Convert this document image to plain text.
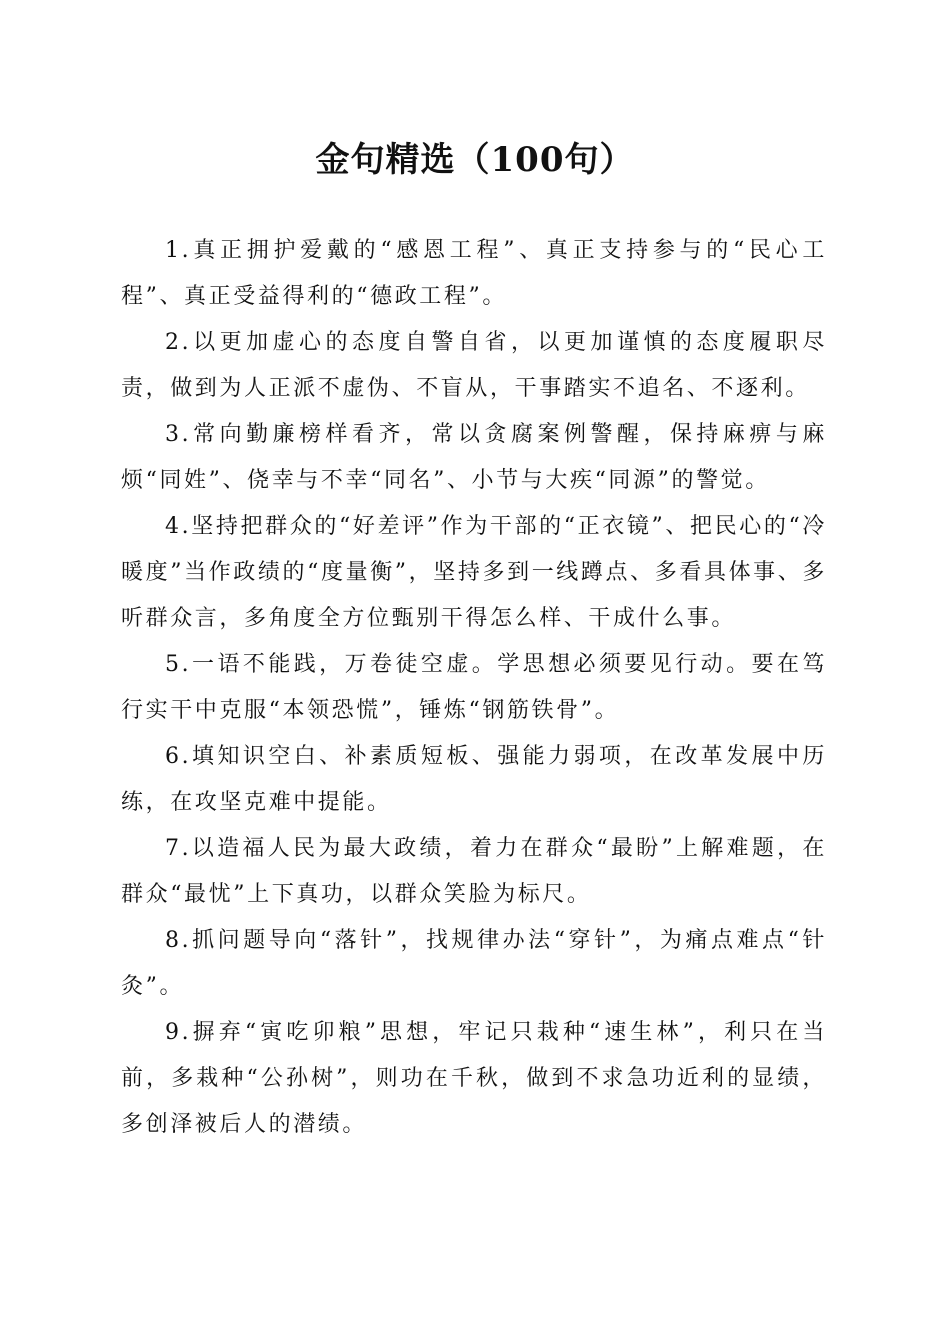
金句精选（100句）

1.真正拥护爱戴的“感恩工程”、真正支持参与的“民心工程”、真正受益得利的“德政工程”。

2.以更加虚心的态度自警自省，以更加谨慎的态度履职尽责，做到为人正派不虚伪、不盲从，干事踏实不追名、不逐利。

3.常向勤廉榜样看齐，常以贪腐案例警醒，保持麻痹与麻烦“同姓”、侥幸与不幸“同名”、小节与大疾“同源”的警觉。

4.坚持把群众的“好差评”作为干部的“正衣镜”、把民心的“冷暖度”当作政绩的“度量衡”，坚持多到一线蹲点、多看具体事、多听群众言，多角度全方位甄别干得怎么样、干成什么事。

5.一语不能践，万卷徒空虚。学思想必须要见行动。要在笃行实干中克服“本领恐慌”，锤炼“钢筋铁骨”。

6.填知识空白、补素质短板、强能力弱项，在改革发展中历练，在攻坚克难中提能。

7.以造福人民为最大政绩，着力在群众“最盼”上解难题，在群众“最忧”上下真功，以群众笑脸为标尺。

8.抓问题导向“落针”，找规律办法“穿针”，为痛点难点“针灸”。

9.摒弃“寅吃卯粮”思想，牢记只栽种“速生林”，利只在当前，多栽种“公孙树”，则功在千秋，做到不求急功近利的显绩，多创泽被后人的潜绩。
